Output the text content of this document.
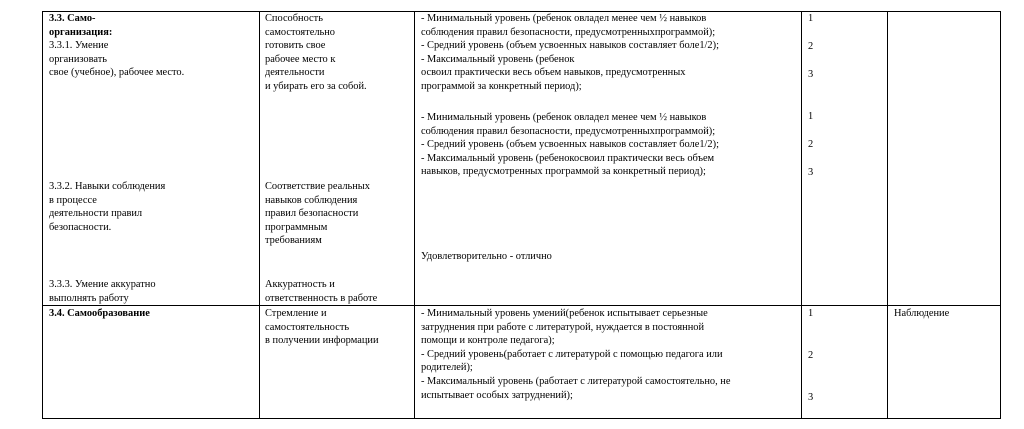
3.3. Само-
организация:
3.3.1. Умение
организовать
свое (учебное), рабочее место.
3.3.2. Навыки соблюдения
в процессе
деятельности правил
безопасности.
3.3.3. Умение аккуратно
выполнять работу
Способность
самостоятельно
готовить свое
рабочее место к
деятельности
и убирать его за собой.
Соответствие реальных
навыков соблюдения
правил безопасности
программным
требованиям
Аккуратность и
ответственность в работе
- Минимальный уровень (ребенок овладел менее чем ½ навыков
соблюдения правил безопасности, предусмотренныхпрограммой);
- Средний уровень (объем усвоенных навыков составляет боле1/2);
- Максимальный уровень (ребенок
освоил практически весь объем навыков, предусмотренных
программой за конкретный период);
- Минимальный уровень (ребенок овладел менее чем ½ навыков
соблюдения правил безопасности, предусмотренныхпрограммой);
- Средний уровень (объем усвоенных навыков составляет боле1/2);
- Максимальный уровень (ребенокосвоил практически весь объем
навыков, предусмотренных программой за конкретный период);
Удовлетворительно - отлично
1
2
3
1
2
3
3.4. Самообразование	Стремление и
самостоятельность
в получении информации
- Минимальный уровень умений(ребенок испытывает серьезные
затруднения при работе с литературой, нуждается в постоянной
помощи и контроле педагога);
- Средний уровень(работает с литературой с помощью педагога или
родителей);
- Максимальный уровень (работает с литературой самостоятельно, не
испытывает особых затруднений);
1
2
3
Наблюдение
